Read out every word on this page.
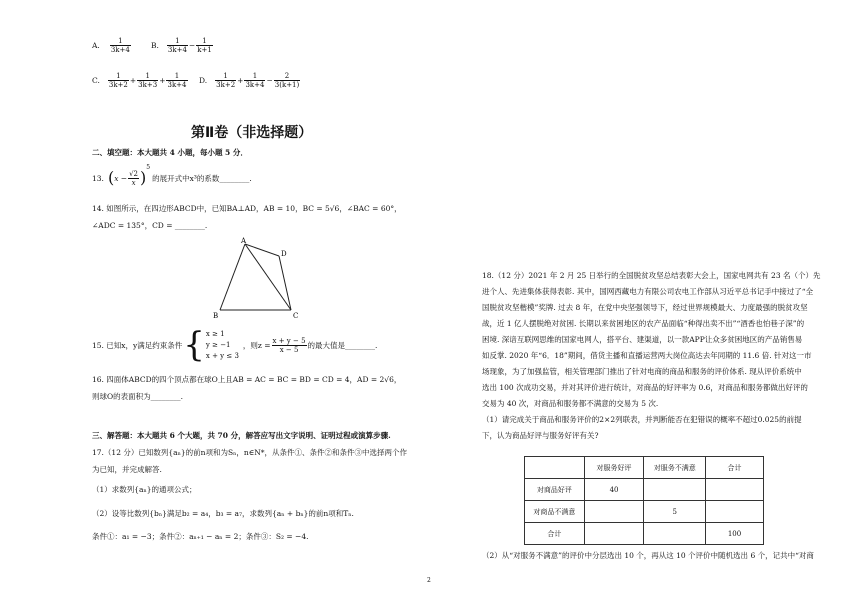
A. $\frac{1}{3k+4}$	B. $\frac{1}{3k+4} - \frac{1}{k+1}$
C. $\frac{1}{3k+2} + \frac{1}{3k+3} + \frac{1}{3k+4} D$. $\frac{1}{3k+2} + \frac{1}{3k+4} - \frac{2}{3(k+1)}$
第Ⅱ卷（非选择题）
二、填空题：本大题共 4 小题，每小题 5 分．
13. ( $x - \frac{√2}{x}$ )
5
的展开式中x³的系数________.
14. 如图所示，在四边形ABCD中，已知BA⊥AD，AB = 10，BC = 5√6，∠BAC = 60°，
∠ADC = 135°，CD = ________.
A
D
B	C
15. 已知x，y满足约束条件 { x ≥ 1
y ≥ −1
x + y ≤ 3
，则$z = \frac{x + y - 5}{x - 5}$ 的最大值是________.
16. 四面体ABCD的四个顶点都在球O上且AB = AC = BC = BD = CD = 4，AD = 2√6，
则球O的表面积为________.
三、解答题：本大题共 6 个大题，共 70 分，解答应写出文字说明、证明过程或演算步骤.
17.（12 分）已知数列{aₙ}的前n项和为Sₙ，n∈N*，从条件①、条件②和条件③中选择两个作
为已知，并完成解答.
（1）求数列{aₙ}的通项公式；
（2）设等比数列{bₙ}满足b₂ = a₄，b₃ = a₇，求数列{aₙ + bₙ}的前n项和Tₙ.
条件①：a₁ = −3；条件②：aₙ₊₁ − aₙ = 2；条件③：S₂ = −4.
18.（12 分）2021 年 2 月 25 日举行的全国脱贫攻坚总结表彰大会上，国家电网共有 23 名（个）先
进个人、先进集体获得表彰. 其中，国网西藏电力有限公司农电工作部从习近平总书记手中接过了“全
国脱贫攻坚楷模”奖牌. 过去 8 年，在党中央坚强领导下，经过世界规模最大、力度最强的脱贫攻坚
战，近 1 亿人摆脱绝对贫困. 长期以来贫困地区的农产品面临“种得出卖不出”“酒香也怕巷子深”的
困境. 深谙互联网思维的国家电网人，搭平台、建渠道，以一款APP让众多贫困地区的产品销售易
如反掌. 2020 年“6．18”期间，借货主播和直播运营两大岗位高达去年同期的 11.6 倍. 针对这一市
场现象，为了加强监管，相关管理部门推出了针对电商的商品和服务的评价体系. 现从评价系统中
选出 100 次成功交易，并对其评价进行统计，对商品的好评率为 0.6，对商品和服务都做出好评的
交易为 40 次，对商品和服务都不满意的交易为 5 次.
（1）请完成关于商品和服务评价的2×2列联表，并判断能否在犯错误的概率不超过0.025的前提
下，认为商品好评与服务好评有关?
	对服务好评	对服务不满意	合计
对商品好评	40		
对商品不满意		5	
合计			100
（2）从“对服务不满意”的评价中分层选出 10 个，再从这 10 个评价中随机选出 6 个，记共中“对商
2
